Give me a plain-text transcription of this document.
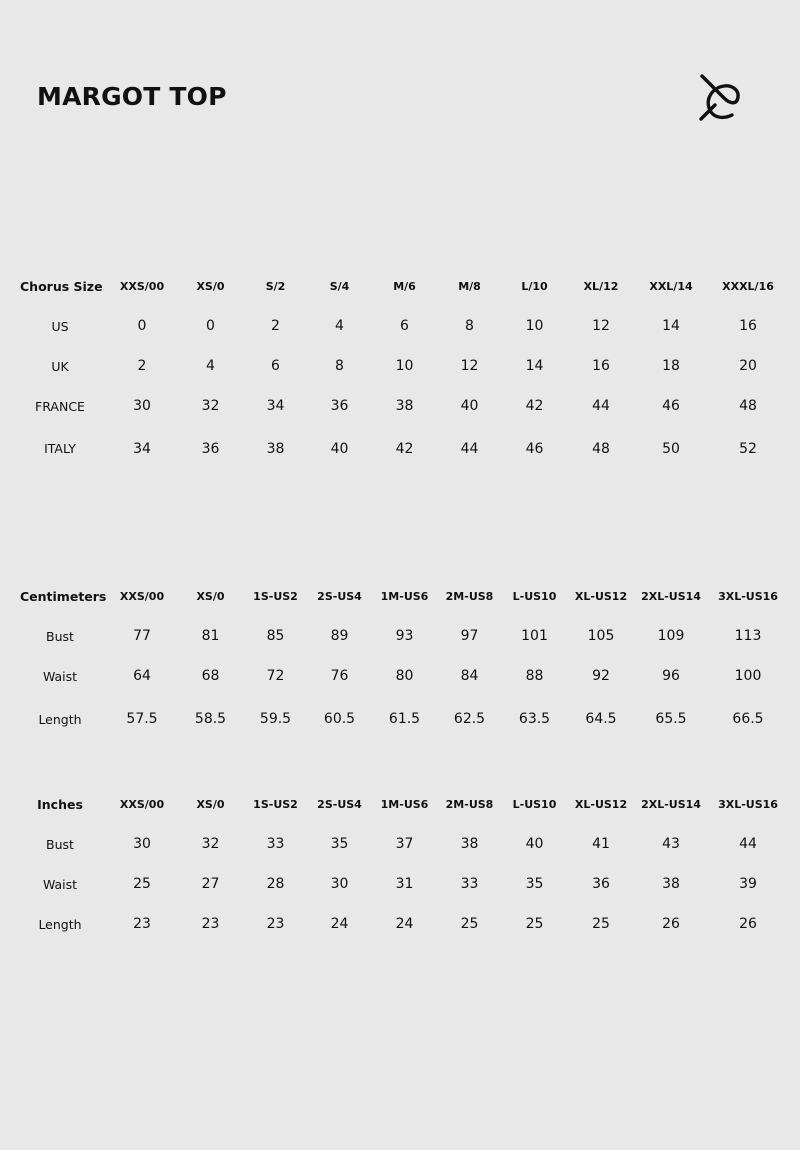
MARGOT TOP
Chorus Size	XXS/00	XS/0	S/2	S/4	M/6	M/8	L/10	XL/12	XXL/14	XXXL/16
US	0	0	2	4	6	8	10	12	14	16
UK	2	4	6	8	10	12	14	16	18	20
FRANCE	30	32	34	36	38	40	42	44	46	48
ITALY	34	36	38	40	42	44	46	48	50	52
Centimeters	XXS/00	XS/0	1S-US2	2S-US4	1M-US6	2M-US8	L-US10	XL-US12	2XL-US14	3XL-US16
Bust	77	81	85	89	93	97	101	105	109	113
Waist	64	68	72	76	80	84	88	92	96	100
Length	57.5	58.5	59.5	60.5	61.5	62.5	63.5	64.5	65.5	66.5
Inches	XXS/00	XS/0	1S-US2	2S-US4	1M-US6	2M-US8	L-US10	XL-US12	2XL-US14	3XL-US16
Bust	30	32	33	35	37	38	40	41	43	44
Waist	25	27	28	30	31	33	35	36	38	39
Length	23	23	23	24	24	25	25	25	26	26
